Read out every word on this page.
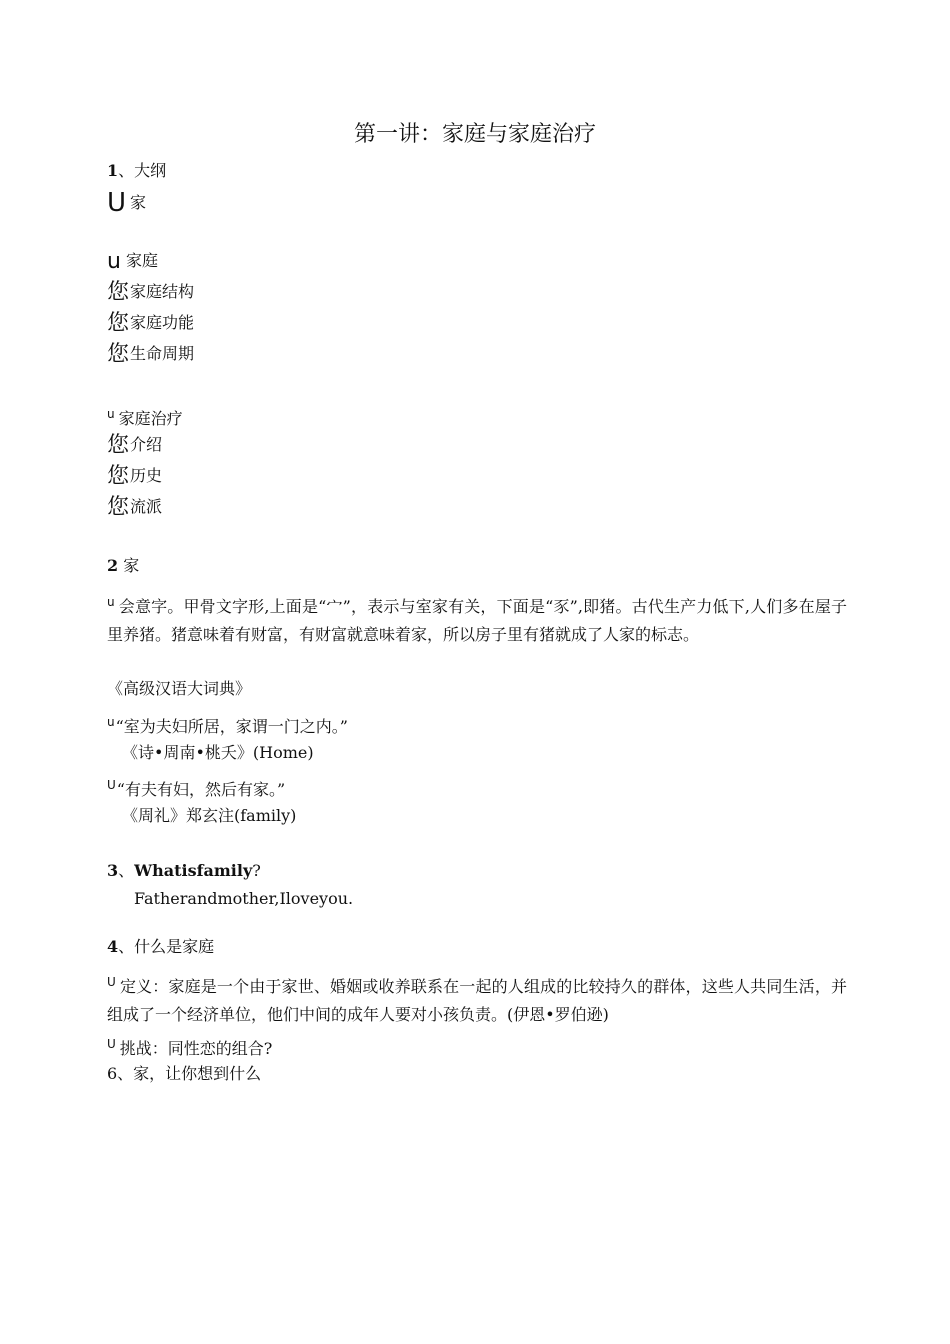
第一讲：家庭与家庭治疗
1、大纲
U家
u 家庭
您家庭结构
您家庭功能
您生命周期
$^u$ 家庭治疗
您介绍
您历史
您流派
2 家
$^u$ 会意字。甲骨文字形,上面是“宀”，表示与室家有关，下面是“豕”,即猪。古代生产力低下,人们多在屋子里养猪。猪意味着有财富，有财富就意味着家，所以房子里有猪就成了人家的标志。
《高级汉语大词典》
$^u$“室为夫妇所居，家谓一门之内。”
《诗•周南•桃夭》(Home)
$^U$“有夫有妇，然后有家。”
《周礼》郑玄注(family)
3、Whatisfamily?
Fatherandmother,Iloveyou.
4、什么是家庭
$^U$ 定义：家庭是一个由于家世、婚姻或收养联系在一起的人组成的比较持久的群体，这些人共同生活，并组成了一个经济单位，他们中间的成年人要对小孩负责。(伊恩•罗伯逊)
$^U$ 挑战：同性恋的组合?
6、家，让你想到什么
